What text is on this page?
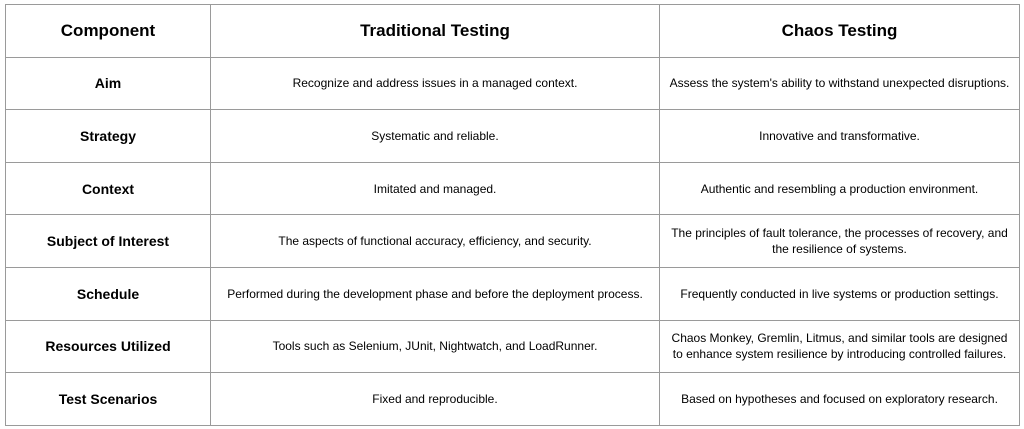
Component	Traditional Testing	Chaos Testing
Aim	Recognize and address issues in a managed context.	Assess the system's ability to withstand unexpected disruptions.
Strategy	Systematic and reliable.	Innovative and transformative.
Context	Imitated and managed.	Authentic and resembling a production environment.
Subject of Interest	The aspects of functional accuracy, efficiency, and security.	The principles of fault tolerance, the processes of recovery, and the resilience of systems.
Schedule	Performed during the development phase and before the deployment process.	Frequently conducted in live systems or production settings.
Resources Utilized	Tools such as Selenium, JUnit, Nightwatch, and LoadRunner.	Chaos Monkey, Gremlin, Litmus, and similar tools are designed to enhance system resilience by introducing controlled failures.
Test Scenarios	Fixed and reproducible.	Based on hypotheses and focused on exploratory research.
